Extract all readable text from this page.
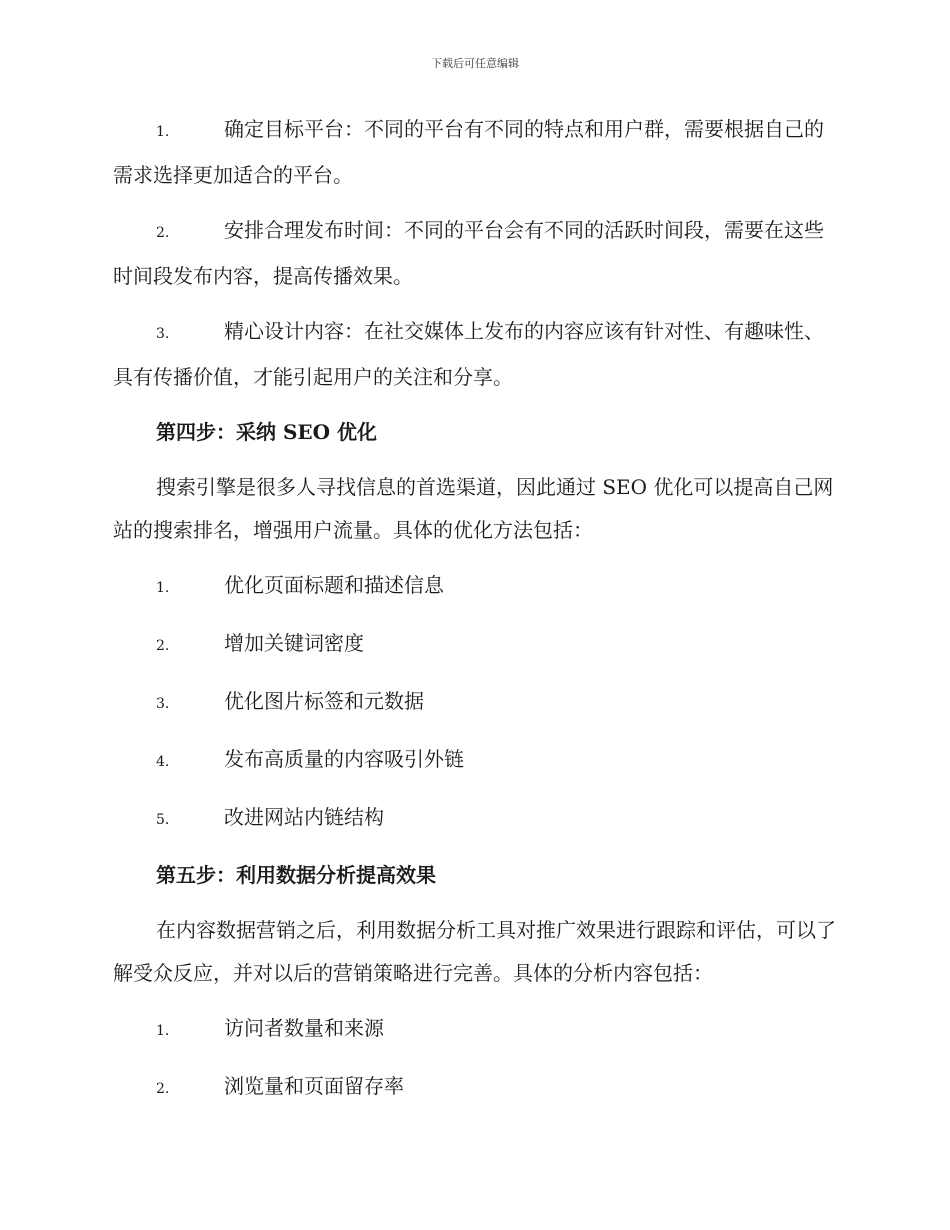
下载后可任意编辑

1.	确定目标平台：不同的平台有不同的特点和用户群，需要根据自己的需求选择更加适合的平台。

2.	安排合理发布时间：不同的平台会有不同的活跃时间段，需要在这些时间段发布内容，提高传播效果。

3.	精心设计内容：在社交媒体上发布的内容应该有针对性、有趣味性、具有传播价值，才能引起用户的关注和分享。

第四步：采纳 SEO 优化

搜索引擎是很多人寻找信息的首选渠道，因此通过 SEO 优化可以提高自己网站的搜索排名，增强用户流量。具体的优化方法包括：

1.	优化页面标题和描述信息
2.	增加关键词密度
3.	优化图片标签和元数据
4.	发布高质量的内容吸引外链
5.	改进网站内链结构

第五步：利用数据分析提高效果

在内容数据营销之后，利用数据分析工具对推广效果进行跟踪和评估，可以了解受众反应，并对以后的营销策略进行完善。具体的分析内容包括：

1.	访问者数量和来源
2.	浏览量和页面留存率
